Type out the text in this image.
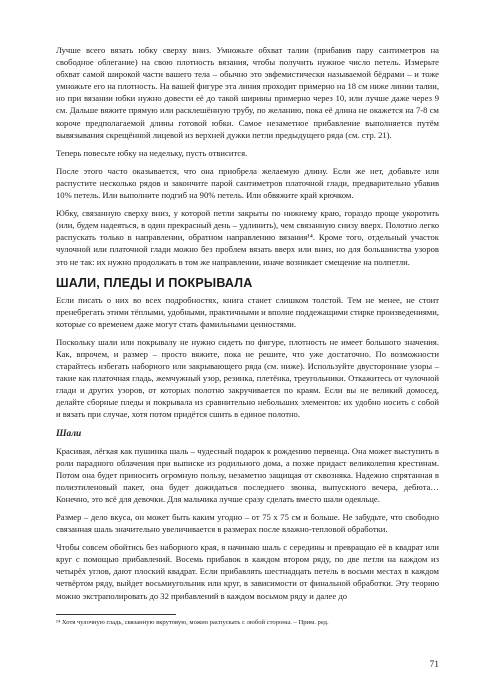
Лучше всего вязать юбку сверху вниз. Умножьте обхват талии (прибавив пару сантиметров на свободное облегание) на свою плотность вязания, чтобы получить нужное число петель. Измерьте обхват самой широкой части вашего тела – обычно это эвфемистически называемой бёдрами – и тоже умножьте его на плотность. На вашей фигуре эта линия проходит примерно на 18 см ниже линии талии, но при вязании юбки нужно довести её до такой ширины примерно через 10, или лучше даже через 9 см. Дальше вяжите прямую или расклешённую трубу, по желанию, пока её длина не окажется на 7-8 см короче предполагаемой длины готовой юбки. Самое незаметное прибавление выполняется путём вывязывания скрещённой лицевой из верхней дужки петли предыдущего ряда (см. стр. 21).

Теперь повесьте юбку на недельку, пусть отвисится.

После этого часто оказывается, что она приобрела желаемую длину. Если же нет, добавьте или распустите несколько рядов и закончите парой сантиметров платочной глади, предварительно убавив 10% петель. Или выполните подгиб на 90% петель. Или обвяжите край крючком.

Юбку, связанную сверху вниз, у которой петли закрыты по нижнему краю, гораздо проще укоротить (или, будем надеяться, в один прекрасный день – удлинить), чем связанную снизу вверх. Полотно легко распускать только в направлении, обратном направлению вязания¹⁴. Кроме того, отдельный участок чулочной или платочной глади можно без проблем вязать вверх или вниз, но для большинства узоров это не так: их нужно продолжать в том же направлении, иначе возникает смещение на полпетли.

ШАЛИ, ПЛЕДЫ И ПОКРЫВАЛА

Если писать о них во всех подробностях, книга станет слишком толстой. Тем не менее, не стоит пренебрегать этими тёплыми, удобными, практичными и вполне поддежащими стирке произведениями, которые со временем даже могут стать фамильными ценностями.

Поскольку шали или покрывалу не нужно сидеть по фигуре, плотность не имеет большого значения. Как, впрочем, и размер – просто вяжите, пока не решите, что уже достаточно. По возможности старайтесь избегать наборного или закрывающего ряда (см. ниже). Используйте двусторонние узоры – такие как платочная гладь, жемчужный узор, резинка, плетёнка, треугольники. Откажитесь от чулочной глади и других узоров, от которых полотно закручивается по краям. Если вы не великий домосед, делайте сборные пледы и покрывала из сравнительно небольших элементов: их удобно носить с собой и вязать при случае, хотя потом придётся сшить в единое полотно.

Шали

Красивая, лёгкая как пушинка шаль – чудесный подарок к рождению первенца. Она может выступить в роли парадного облачения при выписке из родильного дома, а позже придаст великолепия крестинам. Потом она будет приносить огромную пользу, незаметно защищая от сквозняка. Надежно спрятанная в полиэтиленовый пакет, она будет дожидаться последнего звонка, выпускного вечера, дебюта… Конечно, это всё для девочки. Для мальчика лучше сразу сделать вместо шали одеяльце.

Размер – дело вкуса, он может быть каким угодно – от 75 х 75 см и больше. Не забудьте, что свободно связанная шаль значительно увеличивается в размерах после влажно-тепловой обработки.

Чтобы совсем обойтись без наборного края, я начинаю шаль с середины и превращаю её в квадрат или круг с помощью прибавлений. Восемь прибавок в каждом втором ряду, по две петли на каждом из четырёх углов, дают плоский квадрат. Если прибавлять шестнадцать петель в восьми местах в каждом четвёртом ряду, выйдет восьмиугольник или круг, в зависимости от финальной обработки. Эту теорию можно экстраполировать до 32 прибавлений в каждом восьмом ряду и далее до

¹⁴ Хотя чулочную гладь, связанную вкрутовую, можно распускать с любой стороны. – Прим. ред.

71
